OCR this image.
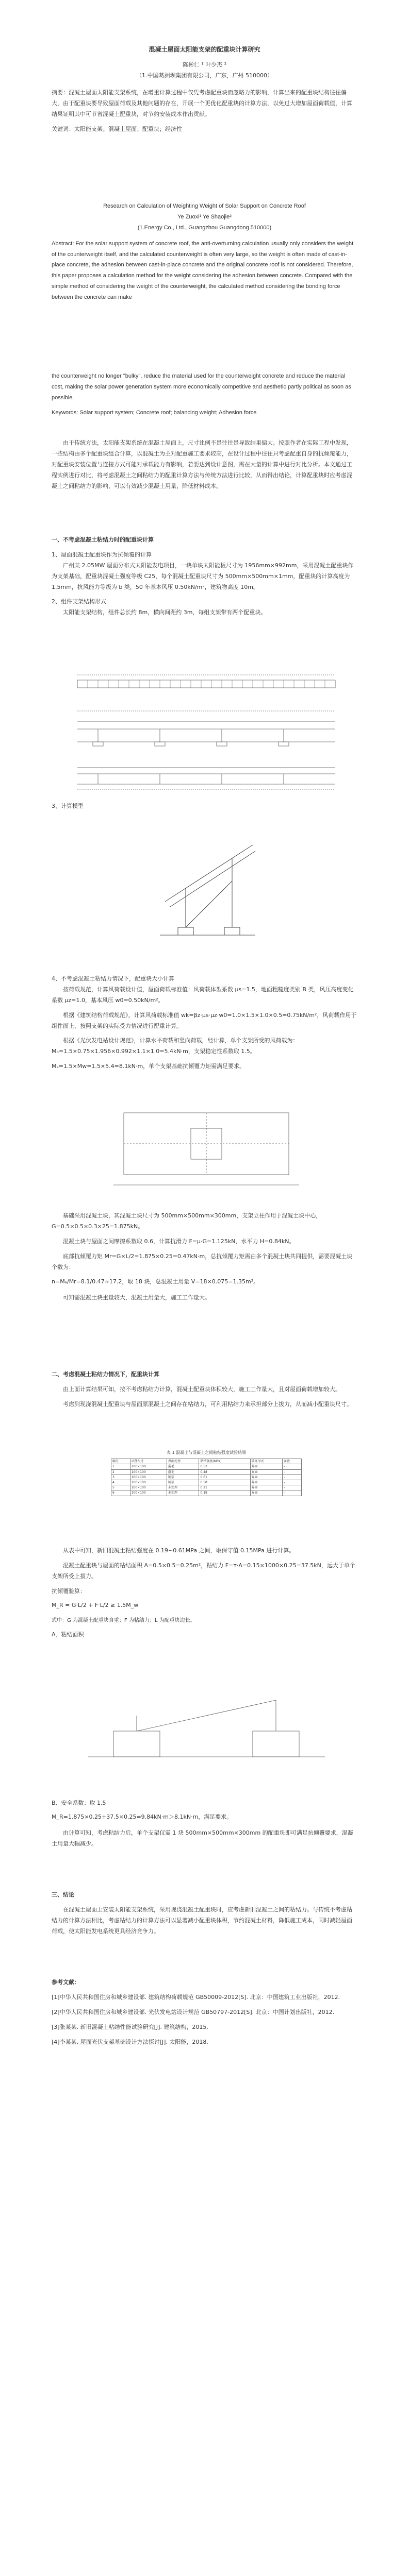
混凝土屋面太阳能支架的配重块计算研究
陈彬仁 ¹ 叶少杰 ²
（1.中国葛洲坝集团有限公司，广东，广州 510000）

摘要：混凝土屋面太阳能支架系统，在增重计算过程中仅凭考虑配重块而忽略力的影响，计算出来的配重块结构往往偏大，由于配重块要导致屋面荷载及其他问题的存在，开展一个更优化配重块的计算方法，以免过大增加屋面荷载值，计算结果证明其中可节省混凝土配重块，对节约安装成本作出贡献。

关键词：太阳能支架；混凝土屋面；配重块；经济性

Research on Calculation of Weighting Weight of Solar Support on Concrete Roof
Ye Zuoxi¹ Ye Shaojie²
(1.Energy Co., Ltd., Guangzhou Guangdong 510000)

Abstract: For the solar support system of concrete roof, the anti-overturning calculation usually only considers the weight of the counterweight itself, and the calculated counterweight is often very large, so the weight is often made of cast-in-place concrete, the adhesion between cast-in-place concrete and the original concrete roof is not considered. Therefore, this paper proposes a calculation method for the weight considering the adhesion between concrete. Compared with the simple method of considering the weight of the counterweight, the calculated method considering the bonding force between the concrete can make

the counterweight no longer "bulky", reduce the material used for the counterweight concrete and reduce the material cost, making the solar power generation system more economically competitive and aesthetic partly political as soon as possible.

Keywords: Solar support system; Concrete roof; balancing weight; Adhesion force

由于传统方法，太阳能支架系统在混凝土屋面上，尺寸比例不是往往是导致结果偏大。按照作者在实际工程中发现，一些结构由多个配重块组合计算，以混凝土为主对配重施工要求较高，在设计过程中往往只考虑配重自身的抗倾覆能力，对配重块安装位置与连接方式可能对承载能力有影响，若要达到设计意图，需在大量的计算中进行对比分析。本文通过工程实例进行对比，将考虑混凝土之间粘结力的配重计算方法与传统方法进行比较，从而得出结论，计算配重块时应考虑混凝土之间粘结力的影响，可以有效减少混凝土用量，降低材料成本。

一、不考虑混凝土粘结力时的配重块计算
1、屋面混凝土配重块作为抗倾覆的计算

广州某 2.05MW 屋面分布式太阳能发电项目，一块单块太阳能板尺寸为 1956mm×992mm，采用混凝土配重块作为支架基础，配重块混凝土强度等级 C25，每个混凝土配重块尺寸为 500mm×500mm×1mm，配重块的计算高度为 1.5mm，抗风能力等级为 b 类，50 年基本风压 0.50kN/m²，建筑物高度 10m。

2、组件支架结构形式

太阳能支架结构，组件总长约 8m，横向间距约 3m，每组支架带有两个配重块。

3、计算模型
4、不考虑混凝土粘结力情况下，配重块大小计算

按荷载规范，计算风荷载设计值，屋面荷载标准值：风荷载体型系数 μs=1.5，地面粗糙度类别 B 类，风压高度变化系数 μz=1.0，基本风压 w0=0.50kN/m²。

根据《建筑结构荷载规范》，计算风荷载标准值 wk=βz·μs·μz·w0=1.0×1.5×1.0×0.5=0.75kN/m²，风荷载作用于组件面上，按照支架的实际受力情况进行配重计算。

根据《光伏发电站设计规范》，计算水平荷载和竖向荷载，经计算，单个支架所受的风荷载为：Mₒ=1.5×0.75×1.956×0.992×1.1×1.0=5.4kN·m，支架稳定性系数取 1.5。

Mₐ=1.5×Mw=1.5×5.4=8.1kN·m，单个支架基础抗倾覆力矩需满足要求。

基础采用混凝土块，其混凝土块尺寸为 500mm×500mm×300mm，支架立柱作用于混凝土块中心，G=0.5×0.5×0.3×25=1.875kN。

混凝土块与屋面之间摩擦系数取 0.6，计算抗滑力 F=μ·G=1.125kN，水平力 H=0.84kN。

底部抗倾覆力矩 Mr=G×L/2=1.875×0.25=0.47kN·m，总抗倾覆力矩需由多个混凝土块共同提供，需要混凝土块个数为：

n=Mₐ/Mr=8.1/0.47≈17.2，取 18 块，总混凝土用量 V=18×0.075=1.35m³。

可知需混凝土块重量较大，混凝土用量大，施工工作量大。

二、考虑混凝土粘结力情况下，配重块计算

由上面计算结果可知，按不考虑粘结力计算，混凝土配重块体积较大，施工工作量大，且对屋面荷载增加较大。

考虑到现浇混凝土配重块与屋面原混凝土之间存在粘结力，可利用粘结力来承担部分上拔力，从而减小配重块尺寸。

表 1 混凝土与混凝土之间粘结强度试验结果
编号	试件尺寸	界面处理	粘结强度(MPa)	破坏形式	备注
1	100×100	凿毛	0.52	界面	-
2	100×100	凿毛	0.48	界面	-
3	100×100	刷浆	0.61	界面	-
4	100×100	刷浆	0.58	界面	-
5	100×100	未处理	0.21	界面	-
6	100×100	未处理	0.19	界面	-

从表中可知，新旧混凝土粘结强度在 0.19~0.61MPa 之间，取保守值 0.15MPa 进行计算。

混凝土配重块与屋面的粘结面积 A=0.5×0.5=0.25m²，粘结力 F=τ·A=0.15×1000×0.25=37.5kN，远大于单个支架所受上拔力。

抗倾覆验算：

M_R = G·L/2 + F·L/2 ≥ 1.5M_w

式中：G 为混凝土配重块自重；F 为粘结力；L 为配重块边长。

A、粘结面积
B、安全系数：取 1.5

M_R=1.875×0.25+37.5×0.25=9.84kN·m＞8.1kN·m，满足要求。

由计算可知，考虑粘结力后，单个支架仅需 1 块 500mm×500mm×300mm 的配重块即可满足抗倾覆要求，混凝土用量大幅减少。

三、结论

在混凝土屋面上安装太阳能支架系统，采用现浇混凝土配重块时，应考虑新旧混凝土之间的粘结力。与传统不考虑粘结力的计算方法相比，考虑粘结力的计算方法可以显著减小配重块体积，节约混凝土材料，降低施工成本，同时减轻屋面荷载，使太阳能发电系统更具经济竞争力。

参考文献：

[1]中华人民共和国住房和城乡建设部. 建筑结构荷载规范 GB50009-2012[S]. 北京：中国建筑工业出版社，2012.

[2]中华人民共和国住房和城乡建设部. 光伏发电站设计规范 GB50797-2012[S]. 北京：中国计划出版社，2012.

[3]张某某. 新旧混凝土粘结性能试验研究[J]. 建筑结构，2015.

[4]李某某. 屋面光伏支架基础设计方法探讨[J]. 太阳能，2018.
